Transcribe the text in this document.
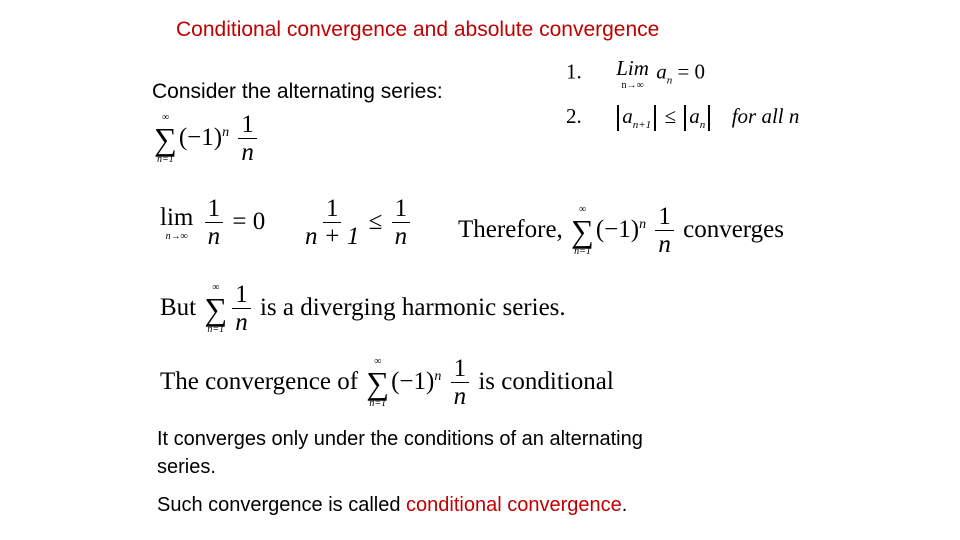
Conditional convergence and absolute convergence
Consider the alternating series:
1. Lim
n→∞
$a_n = 0$
2. $a_{n+1} \le a_n$ for all n
∞
∑
n=1
$(-1)^n \frac{1}{n}$
lim
n→∞
$\frac{1}{n} = 0 \frac{1}{n + 1} \le \frac{1}{n}$ Therefore,
∞
∑
n=1
$(-1)^n \frac{1}{n}$ converges
But
∞
∑
$n=1 \frac{1}{n}$ is a diverging harmonic series.
The convergence of
∞
∑
n=1
$(-1)^n \frac{1}{n}$ is conditional
It converges only under the conditions of an alternating
series.
Such convergence is called conditional convergence.
